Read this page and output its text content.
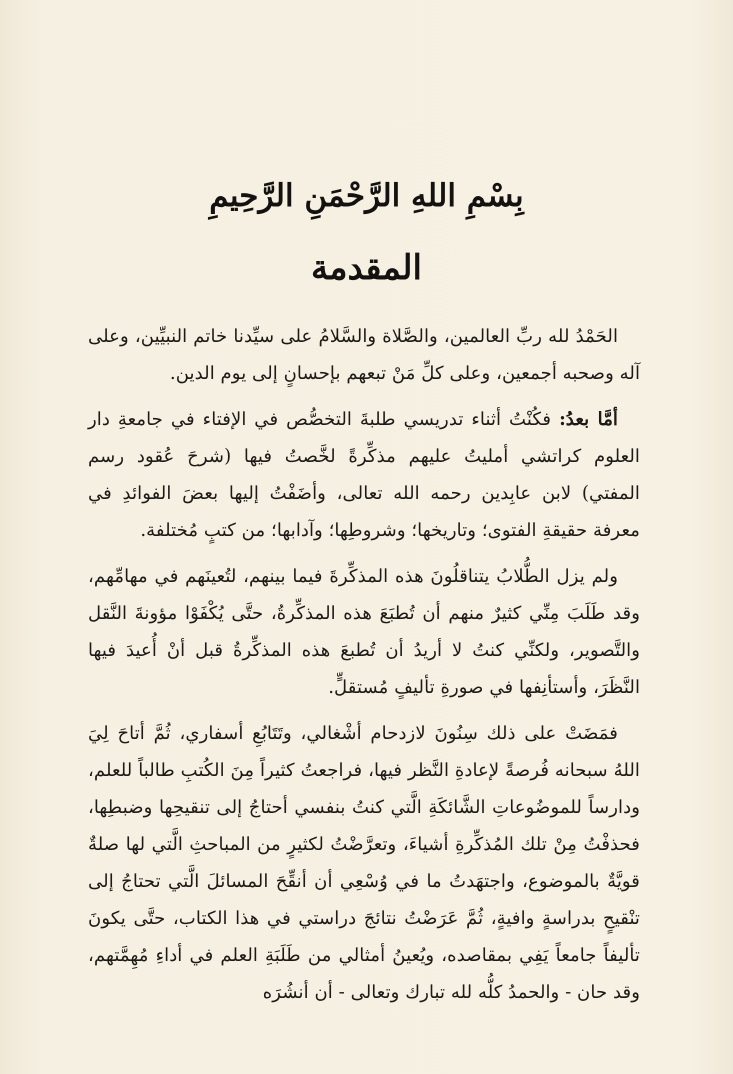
بِسْمِ اللهِ الرَّحْمَنِ الرَّحِيمِ
المقدمة

الحَمْدُ لله ربِّ العالمين، والصَّلاة والسَّلامُ على سيِّدنا خاتم النبيِّين، وعلى آله وصحبه أجمعين، وعلى كلِّ مَنْ تبعهم بإحسانٍ إلى يوم الدين.

أمَّا بعدُ: فكُنْتُ أثناء تدريسي طلبةَ التخصُّص في الإفتاء في جامعةِ دار العلوم كراتشي أمليتُ عليهم مذكِّرةً لخَّصتُ فيها (شرحَ عُقود رسم المفتي) لابن عابِدين رحمه الله تعالى، وأضَفْتُ إليها بعضَ الفوائدِ في معرفة حقيقةِ الفتوى؛ وتاريخها؛ وشروطِها؛ وآدابها؛ من كتبٍ مُختلفة.

ولم يزل الطُّلابُ يتناقلُونَ هذه المذكِّرةَ فيما بينهم، لتُعينَهم في مهامِّهم، وقد طَلَبَ مِنِّي كثيرٌ منهم أن تُطبَعَ هذه المذكِّرةُ، حتَّى يُكْفَوْا مؤونةَ النَّقل والتَّصوير، ولكنِّي كنتُ لا أريدُ أن تُطبعَ هذه المذكِّرةُ قبل أنْ أُعيدَ فيها النَّظَرَ، وأستأنِفها في صورةِ تأليفٍ مُستقلٍّ.

فمَضَتْ على ذلك سِنُونَ لازدحام أشْغالي، وتَتَابُعِ أسفاري، ثُمَّ أتاحَ لِيَ اللهُ سبحانه فُرصةً لإعادةِ النَّظر فيها، فراجعتُ كثيراً مِنَ الكُتبِ طالباً للعلم، ودارساً للموضُوعاتِ الشَّائكَةِ الَّتي كنتُ بنفسي أحتاجُ إلى تنقيحِها وضبطِها، فحذفْتُ مِنْ تلك المُذكِّرةِ أشياءَ، وتعرَّضْتُ لكثيرٍ من المباحثِ الَّتي لها صلةٌ قويَّةٌ بالموضوع، واجتهَدتُ ما في وُسْعِي أن أنقِّحَ المسائلَ الَّتي تحتاجُ إلى تنْقيحٍ بدراسةٍ وافيةٍ، ثُمَّ عَرَضْتُ نتائجَ دراستي في هذا الكتاب، حتَّى يكونَ تأليفاً جامعاً يَفِي بمقاصده، ويُعينُ أمثالي من طَلَبَةِ العلم في أداءِ مُهِمَّتهم، وقد حان - والحمدُ كلُّه لله تبارك وتعالى - أن أنشُرَه
